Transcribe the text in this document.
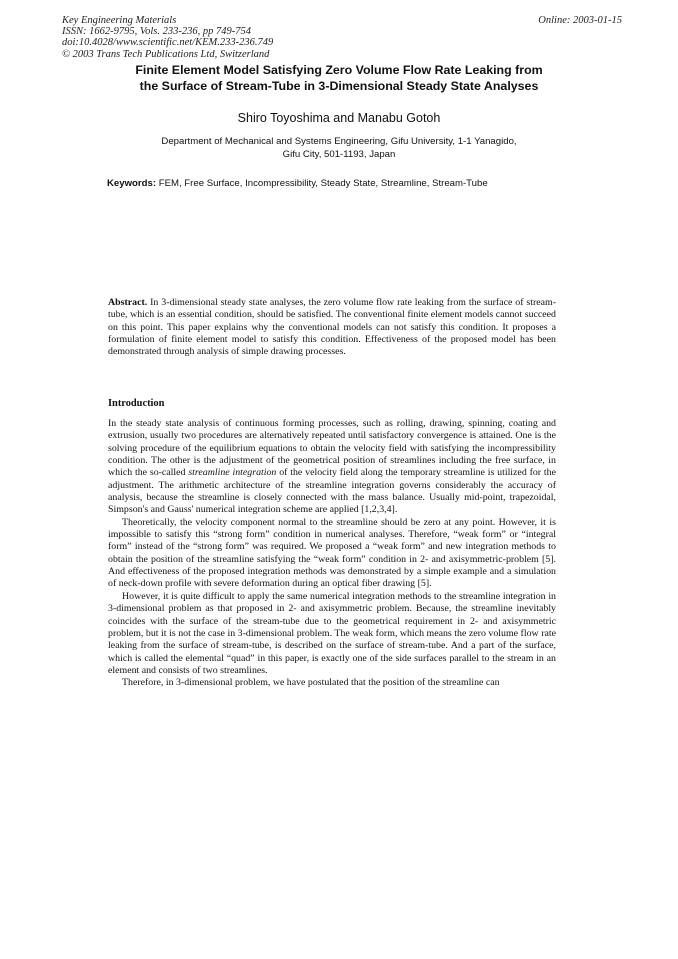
Key Engineering Materials
ISSN: 1662-9795, Vols. 233-236, pp 749-754
doi:10.4028/www.scientific.net/KEM.233-236.749
© 2003 Trans Tech Publications Ltd, Switzerland
Online: 2003-01-15
Finite Element Model Satisfying Zero Volume Flow Rate Leaking from
the Surface of Stream-Tube in 3-Dimensional Steady State Analyses
Shiro Toyoshima and Manabu Gotoh
Department of Mechanical and Systems Engineering, Gifu University, 1-1 Yanagido,
Gifu City, 501-1193, Japan
Keywords: FEM, Free Surface, Incompressibility, Steady State, Streamline, Stream-Tube
Abstract. In 3-dimensional steady state analyses, the zero volume flow rate leaking from the surface of stream-tube, which is an essential condition, should be satisfied. The conventional finite element models cannot succeed on this point. This paper explains why the conventional models can not satisfy this condition. It proposes a formulation of finite element model to satisfy this condition. Effectiveness of the proposed model has been demonstrated through analysis of simple drawing processes.
Introduction

In the steady state analysis of continuous forming processes, such as rolling, drawing, spinning, coating and extrusion, usually two procedures are alternatively repeated until satisfactory convergence is attained. One is the solving procedure of the equilibrium equations to obtain the velocity field with satisfying the incompressibility condition. The other is the adjustment of the geometrical position of streamlines including the free surface, in which the so-called streamline integration of the velocity field along the temporary streamline is utilized for the adjustment. The arithmetic architecture of the streamline integration governs considerably the accuracy of analysis, because the streamline is closely connected with the mass balance. Usually mid-point, trapezoidal, Simpson's and Gauss' numerical integration scheme are applied [1,2,3,4].

Theoretically, the velocity component normal to the streamline should be zero at any point. However, it is impossible to satisfy this “strong form” condition in numerical analyses. Therefore, “weak form” or “integral form” instead of the “strong form” was required. We proposed a “weak form” and new integration methods to obtain the position of the streamline satisfying the “weak form” condition in 2- and axisymmetric-problem [5]. And effectiveness of the proposed integration methods was demonstrated by a simple example and a simulation of neck-down profile with severe deformation during an optical fiber drawing [5].

However, it is quite difficult to apply the same numerical integration methods to the streamline integration in 3-dimensional problem as that proposed in 2- and axisymmetric problem. Because, the streamline inevitably coincides with the surface of the stream-tube due to the geometrical requirement in 2- and axisymmetric problem, but it is not the case in 3-dimensional problem. The weak form, which means the zero volume flow rate leaking from the surface of stream-tube, is described on the surface of stream-tube. And a part of the surface, which is called the elemental “quad” in this paper, is exactly one of the side surfaces parallel to the stream in an element and consists of two streamlines.

Therefore, in 3-dimensional problem, we have postulated that the position of the streamline can
